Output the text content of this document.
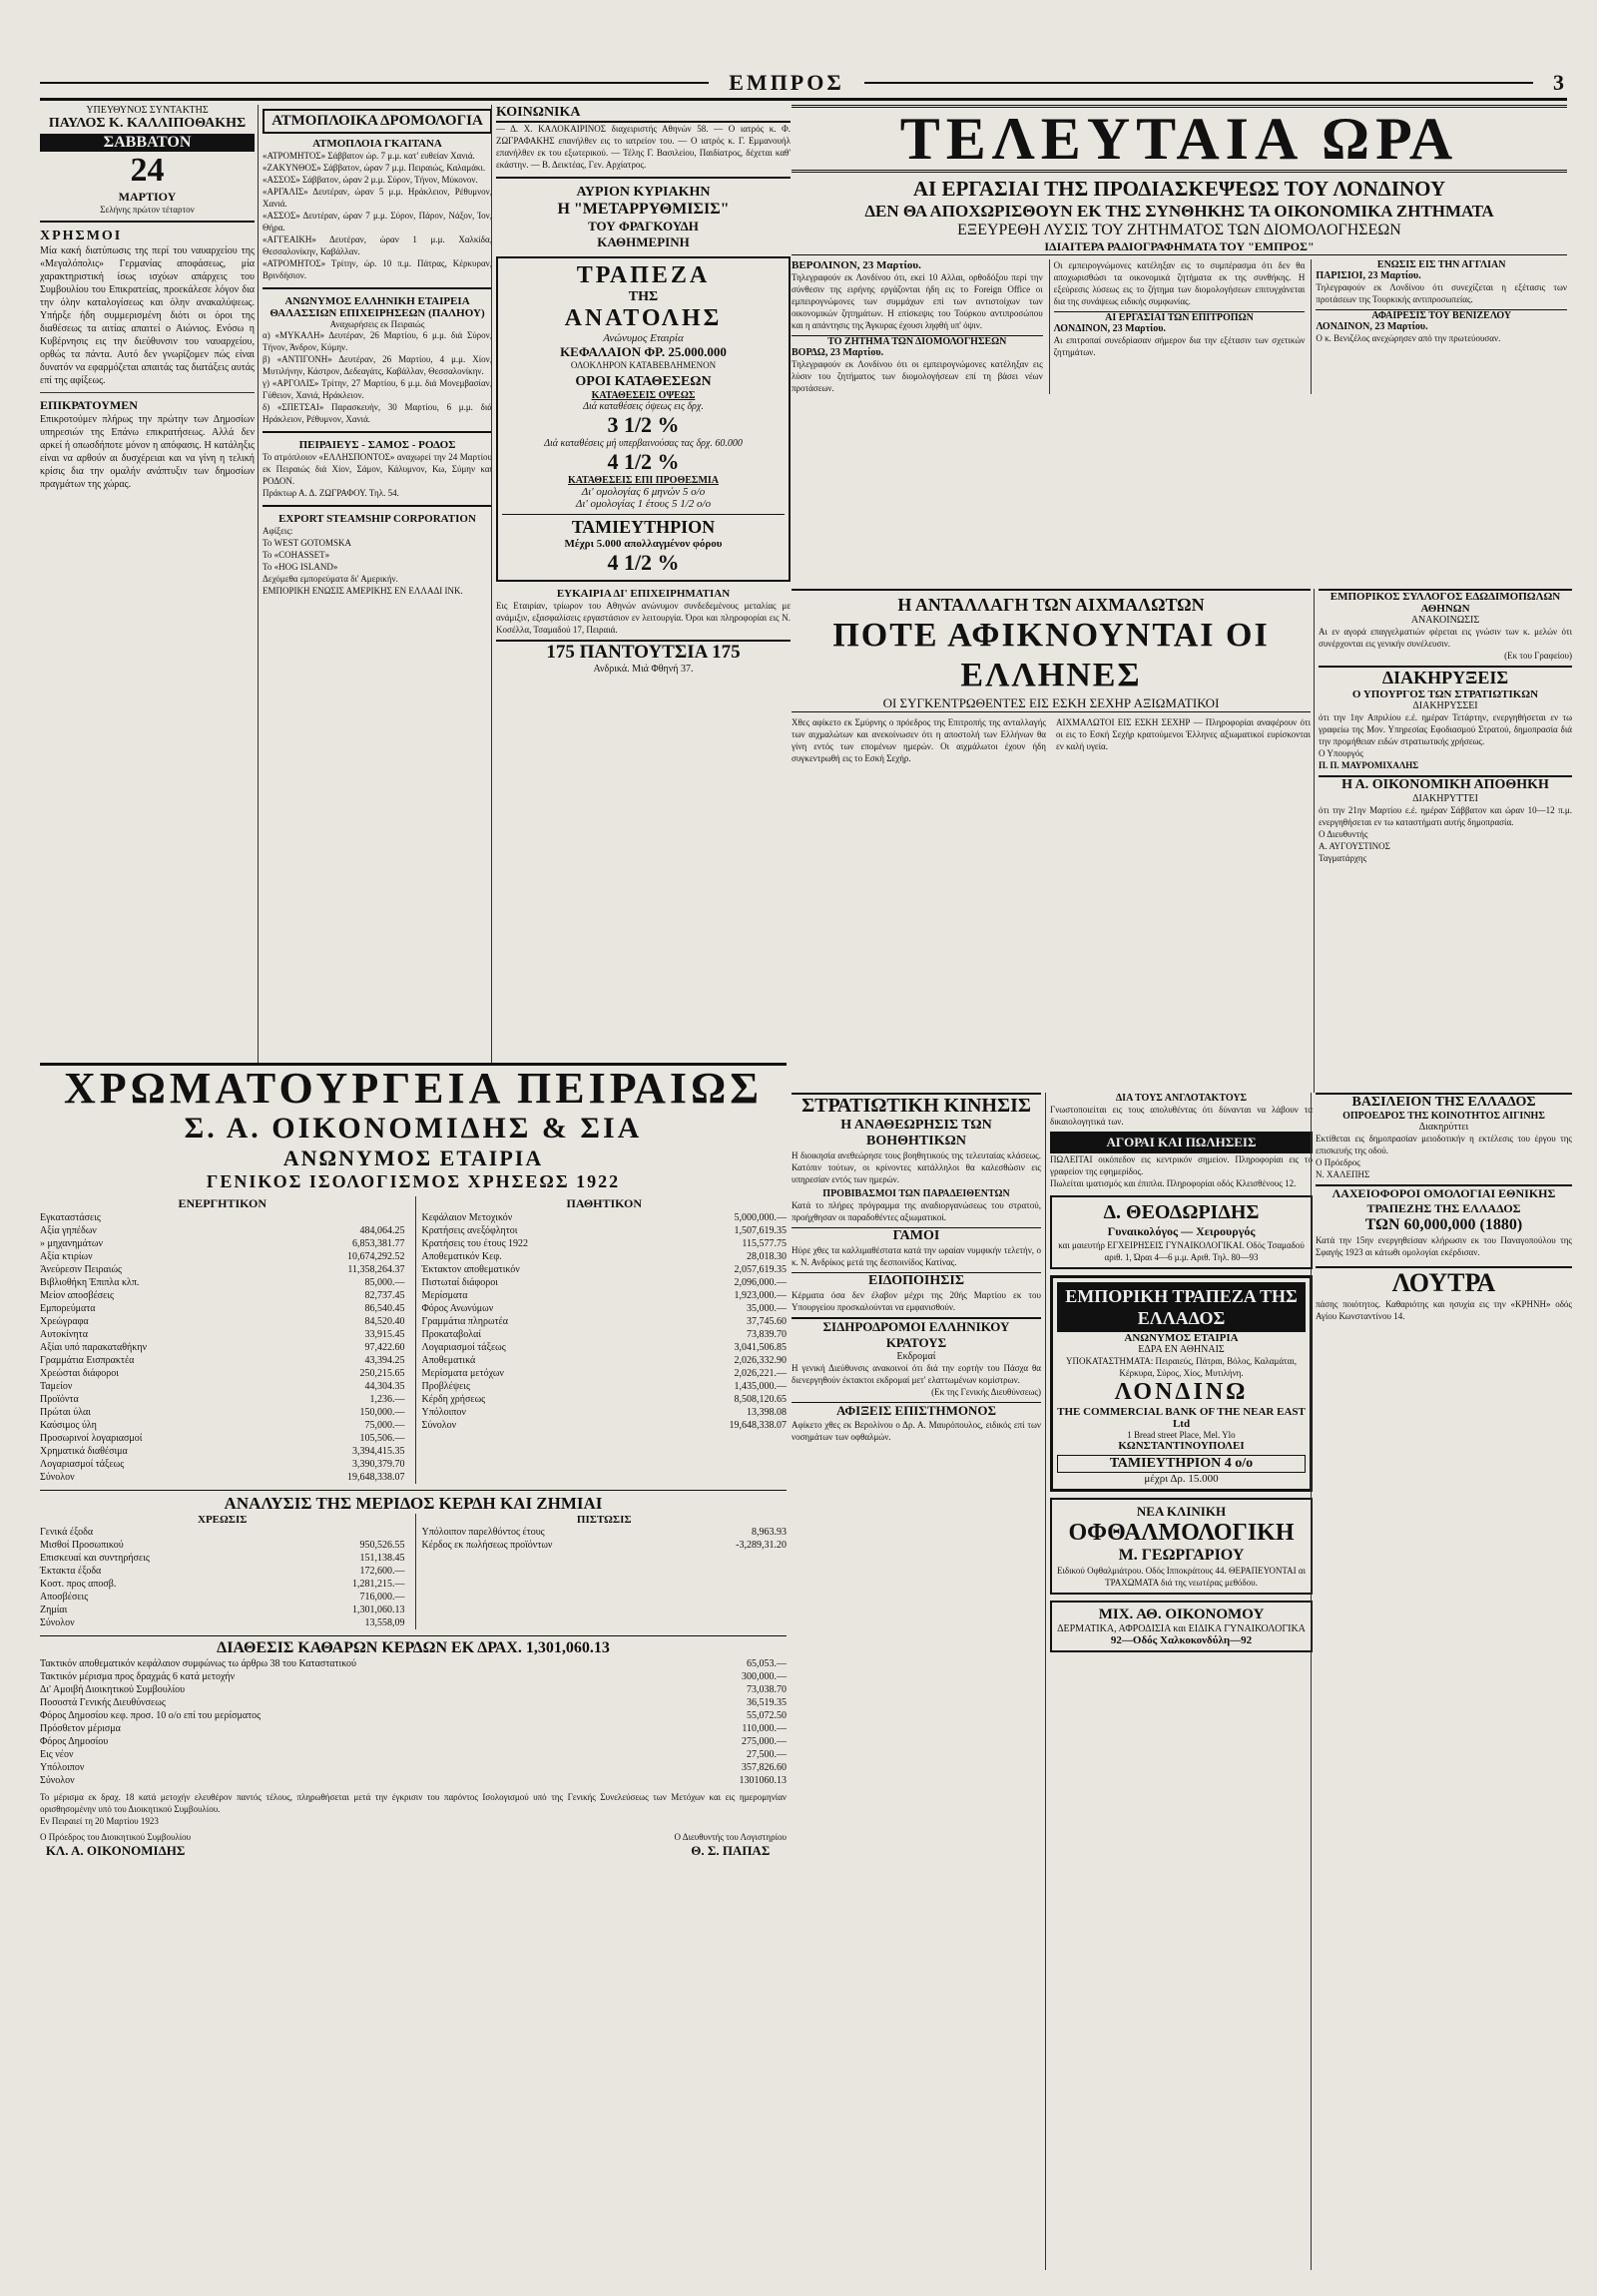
ΕΜΠΡΟΣ	3
ΥΠΕΥΘΥΝΟΣ ΣΥΝΤΑΚΤΗΣ
ΠΑΥΛΟΣ Κ. ΚΑΛΛΙΠΟΘΑΚΗΣ
ΣΑΒΒΑΤΟΝ
24
ΜΑΡΤΙΟΥ
Σελήνης πρώτον τέταρτον
ΧΡΗΣΜΟΙ
Μία κακή διατύπωσις της περί του ναυαρχείου της «Μεγαλόπολις» Γερμανίας αποφάσεως, μία χαρακτηριστική ίσως ισχύων απάρχεις του Συμβουλίου του Επικρατείας, προεκάλεσε λόγον δια την όλην καταλογίσεως και όλην ανακαλύψεως. Υπήρξε ήδη συμμερισμένη διότι οι όροι της διαθέσεως τα αιτίας απαιτεί ο Αιώνιος. Ενόσω η Κυβέρνησις εις την διεύθυνσιν του ναυαρχείου, ορθώς τα πάντα. Αυτό δεν γνωρίζομεν πώς είναι δυνατόν να εφαρμόζεται απαιτάς τας διατάξεις αυτάς επί της αφίξεως.
ΕΠΙΚΡΑΤΟΥΜΕΝ
Επικροτούμεν πλήρως την πρώτην των Δημοσίων υπηρεσιών της Επάνω επικρατήσεως. Αλλά δεν αρκεί ή οπωσδήποτε μόνον η απόφασις. Η κατάληξις είναι να αρθούν αι δυσχέρειαι και να γίνη η τελική κρίσις δια την ομαλήν ανάπτυξιν των δημοσίων πραγμάτων της χώρας.
ΑΤΜΟΠΛΟΙΚΑ ΔΡΟΜΟΛΟΓΙΑ
ΑΤΜΟΠΛΟΙΑ ΓΚΑΙΤΑΝΑ
«ΑΤΡΟΜΗΤΟΣ» Σάββατον ώρ. 7 μ.μ. κατ' ευθείαν Χανιά.
«ΖΑΚΥΝΘΟΣ» Σάββατον, ώραν 7 μ.μ. Πειραιώς, Καλαμάκι.
«ΑΣΣΟΣ» Σάββατον, ώραν 2 μ.μ. Σύρον, Τήνον, Μύκονον.
«ΑΡΓΑΛΙΣ» Δευτέραν, ώραν 5 μ.μ. Ηράκλειον, Ρέθυμνον, Χανιά.
«ΑΣΣΟΣ» Δευτέραν, ώραν 7 μ.μ. Σύρον, Πάρον, Νάξον, Ίον, Θήρα.
«ΑΓΓΕΑΙΚΗ» Δευτέραν, ώραν 1 μ.μ. Χαλκίδα, Θεσσαλονίκην, Καβάλλαν.
«ΑΤΡΟΜΗΤΟΣ» Τρίτην, ώρ. 10 π.μ. Πάτρας, Κέρκυραν, Βρινδήσιον.
ΑΝΩΝΥΜΟΣ ΕΛΛΗΝΙΚΗ ΕΤΑΙΡΕΙΑ ΘΑΛΑΣΣΙΩΝ ΕΠΙΧΕΙΡΗΣΕΩΝ (ΠΑΛΗΟΥ)
Αναχωρήσεις εκ Πειραιώς
α) «ΜΥΚΑΛΗ» Δευτέραν, 26 Μαρτίου, 6 μ.μ. διά Σύρον, Τήνον, Άνδρον, Κύμην.
β) «ΑΝΤΙΓΟΝΗ» Δευτέραν, 26 Μαρτίου, 4 μ.μ. Χίον, Μυτιλήνην, Κάστρον, Δεδεαγάτς, Καβάλλαν, Θεσσαλονίκην.
γ) «ΑΡΓΟΛΙΣ» Τρίτην, 27 Μαρτίου, 6 μ.μ. διά Μονεμβασίαν, Γύθειον, Χανιά, Ηράκλειον.
δ) «ΣΠΕΤΣΑΙ» Παρασκευήν, 30 Μαρτίου, 6 μ.μ. διά Ηράκλειον, Ρέθυμνον, Χανιά.
ΠΕΙΡΑΙΕΥΣ - ΣΑΜΟΣ - ΡΟΔΟΣ
Το ατμόπλοιον «ΕΛΛΗΣΠΟΝΤΟΣ» αναχωρεί την 24 Μαρτίου εκ Πειραιώς διά Χίον, Σάμον, Κάλυμνον, Κω, Σύμην και ΡΟΔΟΝ.
Πράκτωρ Α. Δ. ΖΩΓΡΑΦΟΥ. Τηλ. 54.
EXPORT STEAMSHIP CORPORATION
Αφίξεις:
Το WEST GOTOMSKA
Το «COHASSET»
Το «HOG ISLAND»
Δεχόμεθα εμπορεύματα δι' Αμερικήν.
ΕΜΠΟΡΙΚΗ ΕΝΩΣΙΣ ΑΜΕΡΙΚΗΣ ΕΝ ΕΛΛΑΔΙ INK.
ΚΟΙΝΩΝΙΚΑ
— Δ. Χ. ΚΑΛΟΚΑΙΡΙΝΟΣ διαχειριστής Αθηνών 58. — Ο ιατρός κ. Φ. ΖΩΓΡΑΦΑΚΗΣ επανήλθεν εις το ιατρείον του. — Ο ιατρός κ. Γ. Εμμανουήλ επανήλθεν εκ του εξωτερικού. — Τέλης Γ. Βασιλείου, Παιδίατρος, δέχεται καθ' εκάστην. — Β. Δεικτέας, Γεν. Αρχίατρος.
ΑΥΡΙΟΝ ΚΥΡΙΑΚΗΝ
Η "ΜΕΤΑΡΡΥΘΜΙΣΙΣ"
ΤΟΥ ΦΡΑΓΚΟΥΔΗ
ΚΑΘΗΜΕΡΙΝΗ
ΤΡΑΠΕΖΑ
ΤΗΣ
ΑΝΑΤΟΛΗΣ
Ανώνυμος Εταιρία
ΚΕΦΑΛΑΙΟΝ ΦΡ. 25.000.000
ΟΛΟΚΛΗΡΟΝ ΚΑΤΑΒΕΒΛΗΜΕΝΟΝ
ΟΡΟΙ ΚΑΤΑΘΕΣΕΩΝ
ΚΑΤΑΘΕΣΕΙΣ ΟΨΕΩΣ
Διά καταθέσεις όψεως εις δρχ.
3 1/2 %
Διά καταθέσεις μή υπερβαινούσας τας δρχ. 60.000
4 1/2 %
ΚΑΤΑΘΕΣΕΙΣ ΕΠΙ ΠΡΟΘΕΣΜΙΑ
Δι' ομολογίας 6 μηνών 5 ο/ο
Δι' ομολογίας 1 έτους 5 1/2 ο/ο
ΤΑΜΙΕΥΤΗΡΙΟΝ
Μέχρι 5.000 απολλαγμένον φόρου
4 1/2 %
ΕΥΚΑΙΡΙΑ ΔΙ' ΕΠΙΧΕΙΡΗΜΑΤΙΑΝ
Εις Εταιρίαν, τρίωρον του Αθηνών ανώνυμον συνδεδεμένους μεταλίας με ανάμιξιν, εξασφαλίσεις εργαστάσιον εν λειτουργία. Όροι και πληροφορίαι εις Ν. Κοσέλλα, Τσαμαδού 17, Πειραιά.
175 ΠΑΝΤΟΥΤΣΙΑ 175
Ανδρικά. Μιά Φθηνή 37.
ΤΕΛΕΥΤΑΙΑ ΩΡΑ
ΑΙ ΕΡΓΑΣΙΑΙ ΤΗΣ ΠΡΟΔΙΑΣΚΕΨΕΩΣ ΤΟΥ ΛΟΝΔΙΝΟΥ
ΔΕΝ ΘΑ ΑΠΟΧΩΡΙΣΘΟΥΝ ΕΚ ΤΗΣ ΣΥΝΘΗΚΗΣ ΤΑ ΟΙΚΟΝΟΜΙΚΑ ΖΗΤΗΜΑΤΑ
ΕΞΕΥΡΕΘΗ ΛΥΣΙΣ ΤΟΥ ΖΗΤΗΜΑΤΟΣ ΤΩΝ ΔΙΟΜΟΛΟΓΗΣΕΩΝ
ΙΔΙΑΙΤΕΡΑ ΡΑΔΙΟΓΡΑΦΗΜΑΤΑ ΤΟΥ "ΕΜΠΡΟΣ"
ΒΕΡΟΛΙΝΟΝ, 23 Μαρτίου.
Τηλεγραφούν εκ Λονδίνου ότι, εκεί 10 Αλλαι, ορθοδόξου περί την σύνθεσιν της ειρήνης εργάζονται ήδη εις το Foreign Office οι εμπειρογνώμονες των συμμάχων επί των αντιστοίχων των οικονομικών ζητημάτων. Η επίσκεψις του Τούρκου αντιπροσώπου και η απάντησις της Άγκυρας έχουσι ληφθή υπ' όψιν.
ΤΟ ΖΗΤΗΜΑ ΤΩΝ ΔΙΟΜΟΛΟΓΗΣΕΩΝ
ΒΟΡΔΩ, 23 Μαρτίου.
Τηλεγραφούν εκ Λονδίνου ότι οι εμπειρογνώμονες κατέληξαν εις λύσιν του ζητήματος των διομολογήσεων επί τη βάσει νέων προτάσεων.
Οι εμπειρογνώμονες κατέληξαν εις το συμπέρασμα ότι δεν θα αποχωρισθώσι τα οικονομικά ζητήματα εκ της συνθήκης. Η εξεύρεσις λύσεως εις το ζήτημα των διομολογήσεων επιτυγχάνεται δια της συνάψεως ειδικής συμφωνίας.
ΑΙ ΕΡΓΑΣΙΑΙ ΤΩΝ ΕΠΙΤΡΟΠΩΝ
ΛΟΝΔΙΝΟΝ, 23 Μαρτίου.
Αι επιτροπαί συνεδρίασαν σήμερον δια την εξέτασιν των σχετικών ζητημάτων.
ΕΝΩΣΙΣ ΕΙΣ ΤΗΝ ΑΓΓΛΙΑΝ
ΠΑΡΙΣΙΟΙ, 23 Μαρτίου.
Τηλεγραφούν εκ Λονδίνου ότι συνεχίζεται η εξέτασις των προτάσεων της Τουρκικής αντιπροσωπείας.
ΑΦΑΙΡΕΣΙΣ ΤΟΥ ΒΕΝΙΖΕΛΟΥ
ΛΟΝΔΙΝΟΝ, 23 Μαρτίου.
Ο κ. Βενιζέλος ανεχώρησεν από την πρωτεύουσαν.
Η ΑΝΤΑΛΛΑΓΗ ΤΩΝ ΑΙΧΜΑΛΩΤΩΝ
ΠΟΤΕ ΑΦΙΚΝΟΥΝΤΑΙ ΟΙ ΕΛΛΗΝΕΣ
ΟΙ ΣΥΓΚΕΝΤΡΩΘΕΝΤΕΣ ΕΙΣ ΕΣΚΗ ΣΕΧΗΡ ΑΞΙΩΜΑΤΙΚΟΙ
Χθες αφίκετο εκ Σμύρνης ο πρόεδρος της Επιτροπής της ανταλλαγής των αιχμαλώτων και ανεκοίνωσεν ότι η αποστολή των Ελλήνων θα γίνη εντός των επομένων ημερών. Οι αιχμάλωτοι έχουν ήδη συγκεντρωθή εις το Εσκή Σεχήρ.
ΑΙΧΜΑΛΩΤΟΙ ΕΙΣ ΕΣΚΗ ΣΕΧΗΡ — Πληροφορίαι αναφέρουν ότι οι εις το Εσκή Σεχήρ κρατούμενοι Έλληνες αξιωματικοί ευρίσκονται εν καλή υγεία.
ΕΜΠΟΡΙΚΟΣ ΣΥΛΛΟΓΟΣ ΕΔΩΔΙΜΟΠΩΛΩΝ ΑΘΗΝΩΝ
ΑΝΑΚΟΙΝΩΣΙΣ
Αι εν αγορά επαγγελματιών φέρεται εις γνώσιν των κ. μελών ότι συνέρχονται εις γενικήν συνέλευσιν.
(Εκ του Γραφείου)
ΔΙΑΚΗΡΥΞΕΙΣ
Ο ΥΠΟΥΡΓΟΣ ΤΩΝ ΣΤΡΑΤΙΩΤΙΚΩΝ
ΔΙΑΚΗΡΥΣΣΕΙ
ότι την 1ην Απριλίου ε.έ. ημέραν Τετάρτην, ενεργηθήσεται εν τω γραφείω της Μον. Υπηρεσίας Εφοδιασμού Στρατού, δημοπρασία διά την προμήθειαν ειδών στρατιωτικής χρήσεως.
Ο Υπουργός
Π. Π. ΜΑΥΡΟΜΙΧΑΛΗΣ
Η Α. ΟΙΚΟΝΟΜΙΚΗ ΑΠΟΘΗΚΗ
ΔΙΑΚΗΡΥΤΤΕΙ
ότι την 21ην Μαρτίου ε.έ. ημέραν Σάββατον και ώραν 10—12 π.μ. ενεργηθήσεται εν τω καταστήματι αυτής δημοπρασία.
Ο Διευθυντής
Α. ΑΥΓΟΥΣΤΙΝΟΣ
Ταγματάρχης
ΣΤΡΑΤΙΩΤΙΚΗ ΚΙΝΗΣΙΣ
Η ΑΝΑΘΕΩΡΗΣΙΣ ΤΩΝ ΒΟΗΘΗΤΙΚΩΝ
Η διοικησία ανεθεώρησε τους βοηθητικούς της τελευταίας κλάσεως. Κατόπιν τούτων, οι κρίνοντες κατάλληλοι θα καλεσθώσιν εις υπηρεσίαν εντός των ημερών.
ΠΡΟΒΙΒΑΣΜΟΙ ΤΩΝ ΠΑΡΑΔΕΙΘΕΝΤΩΝ
Κατά το πλήρες πρόγραμμα της αναδιοργανώσεως του στρατού, προήχθησαν οι παραδοθέντες αξιωματικοί.
ΓΑΜΟΙ
Ηύρε χθες τα καλλιμαθέστατα κατά την ωραίαν νυμφικήν τελετήν, ο κ. Ν. Ανδρίκος μετά της δεσποινίδος Κατίνας.
ΕΙΔΟΠΟΙΗΣΙΣ
Κέρματα όσα δεν έλαβον μέχρι της 20ής Μαρτίου εκ του Υπουργείου προσκαλούνται να εμφανισθούν.
ΣΙΔΗΡΟΔΡΟΜΟΙ ΕΛΛΗΝΙΚΟΥ ΚΡΑΤΟΥΣ
Εκδρομαί
Η γενική Διεύθυνσις ανακοινοί ότι διά την εορτήν του Πάσχα θα διενεργηθούν έκτακτοι εκδρομαί μετ' ελαττωμένων κομίστρων.
(Εκ της Γενικής Διευθύνσεως)
ΑΦΙΞΕΙΣ ΕΠΙΣΤΗΜΟΝΟΣ
Αφίκετο χθες εκ Βερολίνου ο Δρ. Α. Μαυρόπουλος, ειδικός επί των νοσημάτων των οφθαλμών.
ΔΙΑ ΤΟΥΣ ΑΝΓΛΟΤΑΚΤΟΥΣ
Γνωστοποιείται εις τους απολυθέντας ότι δύνανται να λάβουν τα δικαιολογητικά των.
ΑΓΟΡΑΙ ΚΑΙ ΠΩΛΗΣΕΙΣ
ΠΩΛΕΙΤΑΙ οικόπεδον εις κεντρικόν σημείον. Πληροφορίαι εις το γραφείον της εφημερίδος.
Πωλείται ιματισμός και έπιπλα. Πληροφορίαι οδός Κλεισθένους 12.
Δ. ΘΕΟΔΩΡΙΔΗΣ
Γυναικολόγος — Χειρουργός
και μαιευτήρ ΕΓΧΕΙΡΗΣΕΙΣ ΓΥΝΑΙΚΟΛΟΓΙΚΑΙ. Οδός Τσαμαδού αριθ. 1, Ώραι 4—6 μ.μ. Αριθ. Τηλ. 80—93
ΕΜΠΟΡΙΚΗ ΤΡΑΠΕΖΑ ΤΗΣ ΕΛΛΑΔΟΣ
ΑΝΩΝΥΜΟΣ ΕΤΑΙΡΙΑ
ΕΔΡΑ ΕΝ ΑΘΗΝΑΙΣ
ΥΠΟΚΑΤΑΣΤΗΜΑΤΑ: Πειραιεύς, Πάτραι, Βόλος, Καλαμάται, Κέρκυρα, Σύρος, Χίος, Μυτιλήνη.
ΛΟΝΔΙΝΩ
THE COMMERCIAL BANK OF THE NEAR EAST Ltd
1 Bread street Place, Mel. Ylo
ΚΩΝΣΤΑΝΤΙΝΟΥΠΟΛΕΙ
ΤΑΜΙΕΥΤΗΡΙΟΝ 4 ο/ο
μέχρι Δρ. 15.000
ΝΕΑ ΚΛΙΝΙΚΗ
ΟΦΘΑΛΜΟΛΟΓΙΚΗ
Μ. ΓΕΩΡΓΑΡΙΟΥ
Ειδικού Οφθαλμιάτρου. Οδός Ιπποκράτους 44. ΘΕΡΑΠΕΥΟΝΤΑΙ αι ΤΡΑΧΩΜΑΤΑ διά της νεωτέρας μεθόδου.
ΜΙΧ. ΑΘ. ΟΙΚΟΝΟΜΟΥ
ΔΕΡΜΑΤΙΚΑ, ΑΦΡΟΔΙΣΙΑ και ΕΙΔΙΚΑ ΓΥΝΑΙΚΟΛΟΓΙΚΑ
92—Οδός Χαλκοκονδύλη—92
ΒΑΣΙΛΕΙΟΝ ΤΗΣ ΕΛΛΑΔΟΣ
ΟΠΡΟΕΔΡΟΣ ΤΗΣ ΚΟΙΝΟΤΗΤΟΣ ΑΙΓΙΝΗΣ
Διακηρύττει
Εκτίθεται εις δημοπρασίαν μειοδοτικήν η εκτέλεσις του έργου της επισκευής της οδού.
Ο Πρόεδρος
Ν. ΧΑΛΕΠΗΣ
ΛΑΧΕΙΟΦΟΡΟΙ ΟΜΟΛΟΓΙΑΙ ΕΘΝΙΚΗΣ ΤΡΑΠΕΖΗΣ ΤΗΣ ΕΛΛΑΔΟΣ
ΤΩΝ 60,000,000 (1880)
Κατά την 15ην ενεργηθείσαν κλήρωσιν εκ του Παναγοπούλου της Σφαγής 1923 αι κάτωθι ομολογίαι εκέρδισαν.
ΛΟΥΤΡΑ
πάσης ποιότητος. Καθαριότης και ησυχία εις την «ΚΡΗΝΗ» οδός Αγίου Κωνσταντίνου 14.
ΧΡΩΜΑΤΟΥΡΓΕΙΑ ΠΕΙΡΑΙΩΣ
Σ. Α. ΟΙΚΟΝΟΜΙΔΗΣ & ΣΙΑ
ΑΝΩΝΥΜΟΣ ΕΤΑΙΡΙΑ
ΓΕΝΙΚΟΣ ΙΣΟΛΟΓΙΣΜΟΣ ΧΡΗΣΕΩΣ 1922
ΕΝΕΡΓΗΤΙΚΟΝ
Εγκαταστάσεις
Αξία γηπέδων	484,064.25
» μηχανημάτων	6,853,381.77
Αξία κτιρίων	10,674,292.52
Άνεύρεσιν Πειραιώς	11,358,264.37
Βιβλιοθήκη Έπιπλα κλπ.	85,000.—
Μείον αποσβέσεις	82,737.45
Εμπορεύματα	86,540.45
Χρεώγραφα	84,520.40
Αυτοκίνητα	33,915.45
Αξίαι υπό παρακαταθήκην	97,422.60
Γραμμάτια Εισπρακτέα	43,394.25
Χρεώσται διάφοροι	250,215.65
Ταμείον	44,304.35
Προϊόντα	1,236.—
Πρώται ύλαι	150,000.—
Καύσιμος ύλη	75,000.—
Προσωρινοί λογαριασμοί	105,506.—
Χρηματικά διαθέσιμα	3,394,415.35
Λογαριασμοί τάξεως	3,390,379.70
Σύνολον	19,648,338.07
ΠΑΘΗΤΙΚΟΝ
Κεφάλαιον Μετοχικόν	5,000,000.—
Κρατήσεις ανεξόφλητοι	1,507,619.35
Κρατήσεις του έτους 1922	115,577.75
Αποθεματικόν Κεφ.	28,018.30
Έκτακτον αποθεματικόν	2,057,619.35
Πιστωταί διάφοροι	2,096,000.—
Μερίσματα	1,923,000.—
Φόρος Ανωνύμων	35,000.—
Γραμμάτια πληρωτέα	37,745.60
Προκαταβολαί	73,839.70
Λογαριασμοί τάξεως	3,041,506.85
Αποθεματικά	2,026,332.90
Μερίσματα μετόχων	2,026,221.—
Προβλέψεις	1,435,000.—
Κέρδη χρήσεως	8,508,120.65
Υπόλοιπον	13,398.08
Σύνολον	19,648,338.07
ΑΝΑΛΥΣΙΣ ΤΗΣ ΜΕΡΙΔΟΣ ΚΕΡΔΗ ΚΑΙ ΖΗΜΙΑΙ
ΧΡΕΩΣΙΣ
Γενικά έξοδα
Μισθοί Προσωπικού	950,526.55
Επισκευαί και συντηρήσεις	151,138.45
Έκτακτα έξοδα	172,600.—
Κοστ. προς αποσβ.	1,281,215.—
Αποσβέσεις	716,000.—
Ζημίαι	1,301,060.13
Σύνολον	13,558,09
ΠΙΣΤΩΣΙΣ
Υπόλοιπον παρελθόντος έτους	8,963.93
Κέρδος εκ πωλήσεως προϊόντων	-3,289,31.20
ΔΙΑΘΕΣΙΣ ΚΑΘΑΡΩΝ ΚΕΡΔΩΝ ΕΚ ΔΡΑΧ. 1,301,060.13
Τακτικόν αποθεματικόν κεφάλαιον συμφώνως τω άρθρω 38 του Καταστατικού	65,053.—
Τακτικόν μέρισμα προς δραχμάς 6 κατά μετοχήν	300,000.—
Δι' Αμοιβή Διοικητικού Συμβουλίου	73,038.70
Ποσοστά Γενικής Διευθύνσεως	36,519.35
Φόρος Δημοσίου κεφ. προσ. 10 ο/ο επί του μερίσματος	55,072.50
Πρόσθετον μέρισμα	110,000.—
Φόρος Δημοσίου	275,000.—
Εις νέον	27,500.—
Υπόλοιπον	357,826.60
Σύνολον	1301060.13
Το μέρισμα εκ δραχ. 18 κατά μετοχήν ελευθέρον παντός τέλους, πληρωθήσεται μετά την έγκρισιν του παρόντος Ισολογισμού υπό της Γενικής Συνελεύσεως των Μετόχων και εις ημερομηνίαν ορισθησομένην υπό του Διοικητικού Συμβουλίου.
Εν Πειραιεί τη 20 Μαρτίου 1923
Ο Πρόεδρος του Διοικητικού Συμβουλίου
ΚΛ. Α. ΟΙΚΟΝΟΜΙΔΗΣ
Ο Διευθυντής του Λογιστηρίου
Θ. Σ. ΠΑΠΑΣ
